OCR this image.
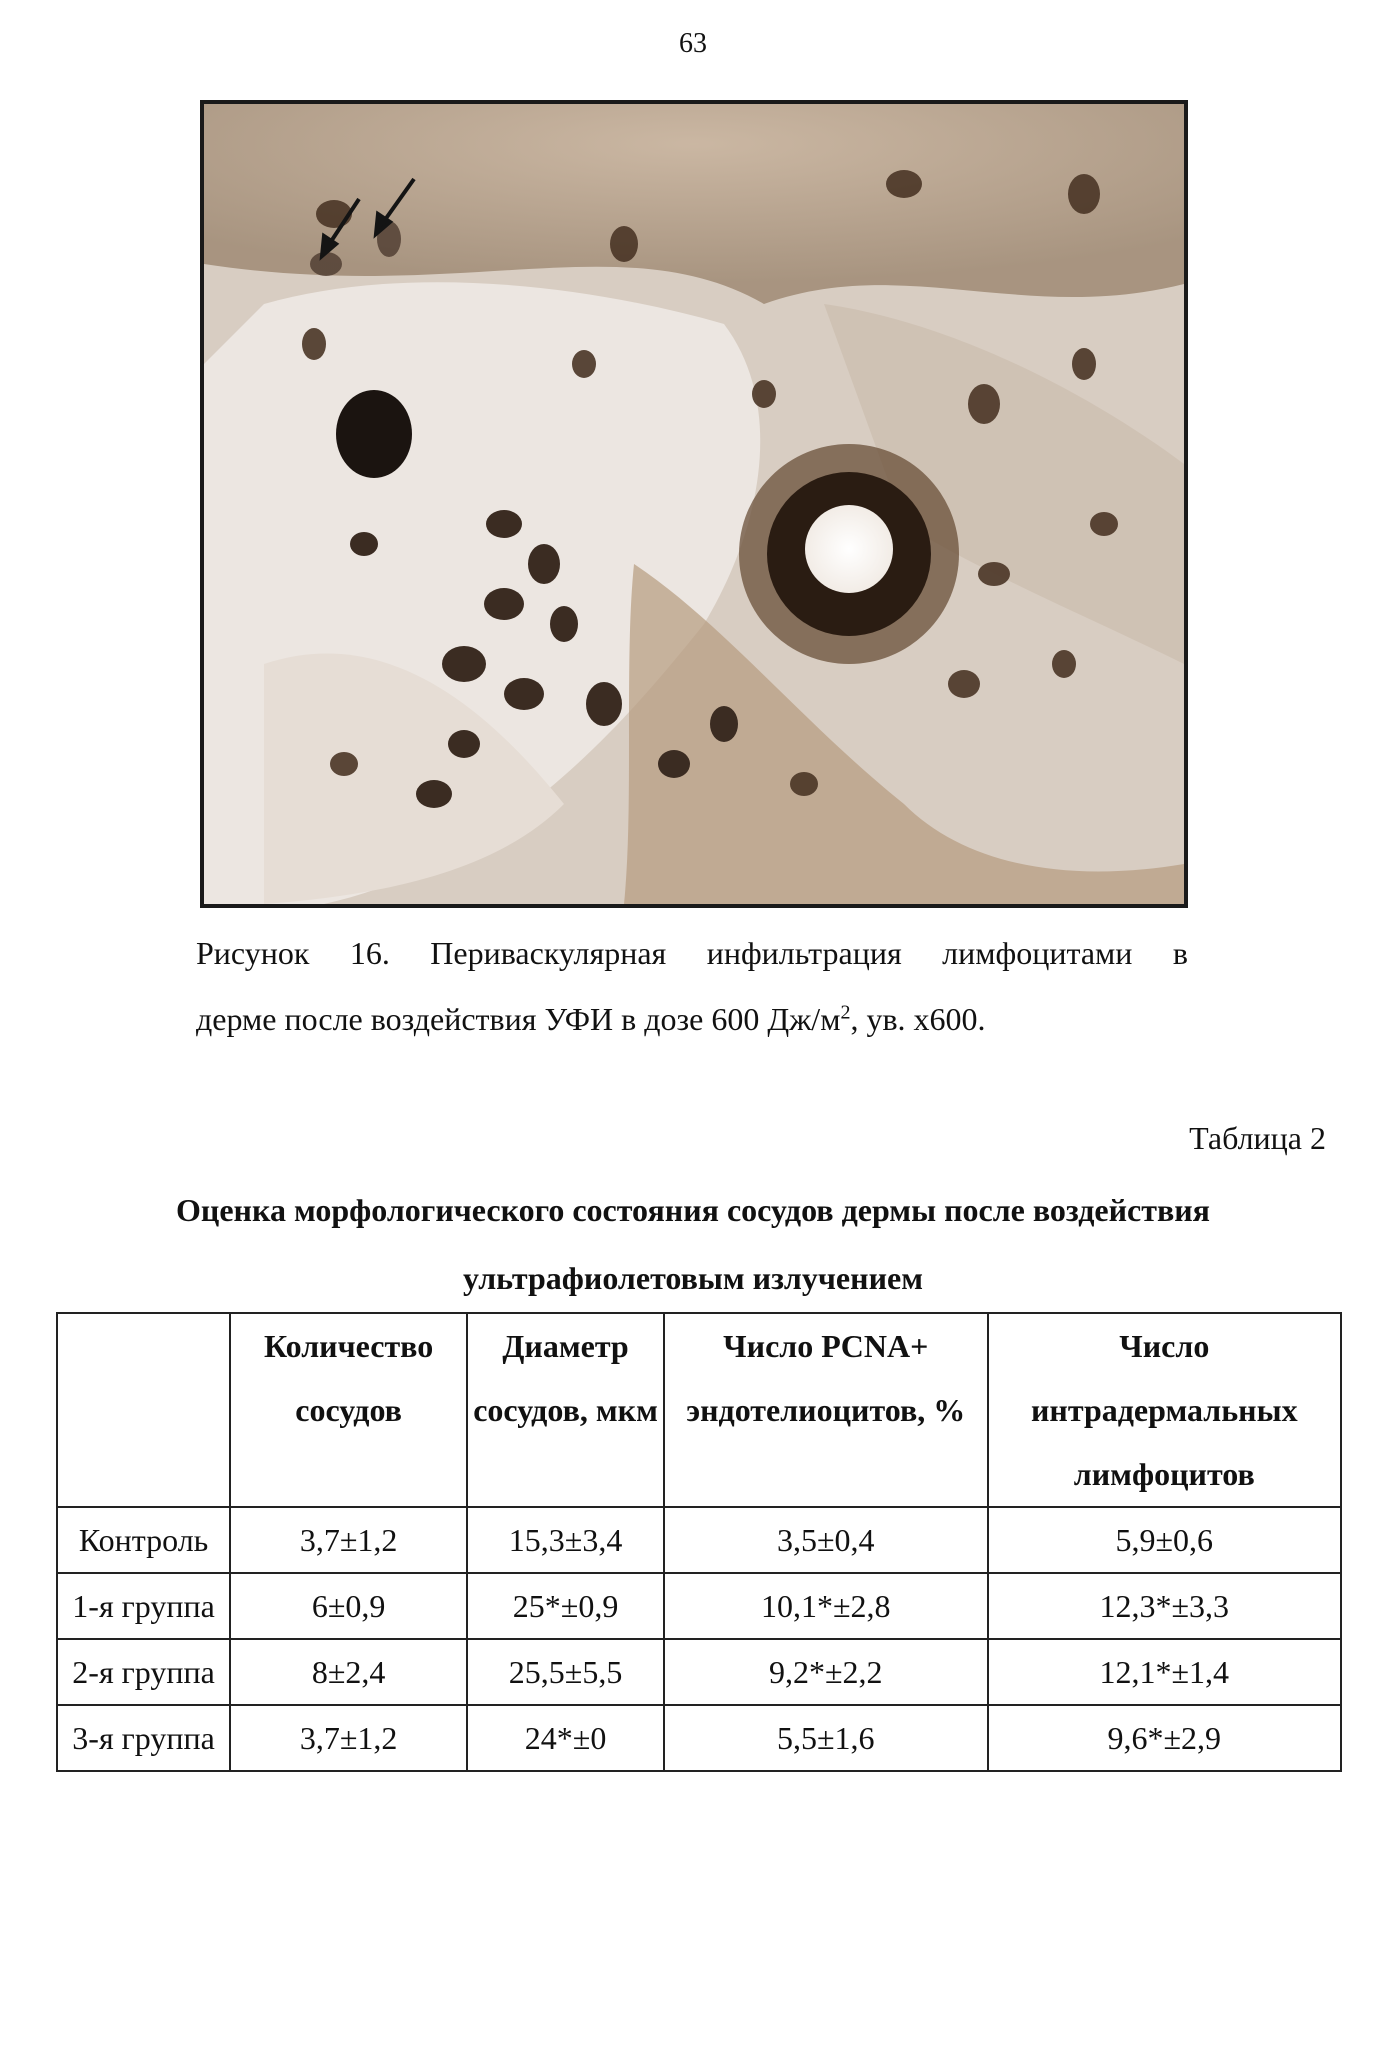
63
Рисунок 16. Периваскулярная инфильтрация лимфоцитами в
дерме после воздействия УФИ в дозе 600 $Дж/м^2$, ув. х600.
Таблица 2
Оценка морфологического состояния сосудов дермы после воздействия
ультрафиолетовым излучением
	Количество сосудов	Диаметр сосудов, мкм	Число PCNA+ эндотелиоцитов, %	Число интрадермальных лимфоцитов
Контроль	3,7±1,2	15,3±3,4	3,5±0,4	5,9±0,6
1-я группа	6±0,9	25*±0,9	10,1*±2,8	12,3*±3,3
2-я группа	8±2,4	25,5±5,5	9,2*±2,2	12,1*±1,4
3-я группа	3,7±1,2	24*±0	5,5±1,6	9,6*±2,9
